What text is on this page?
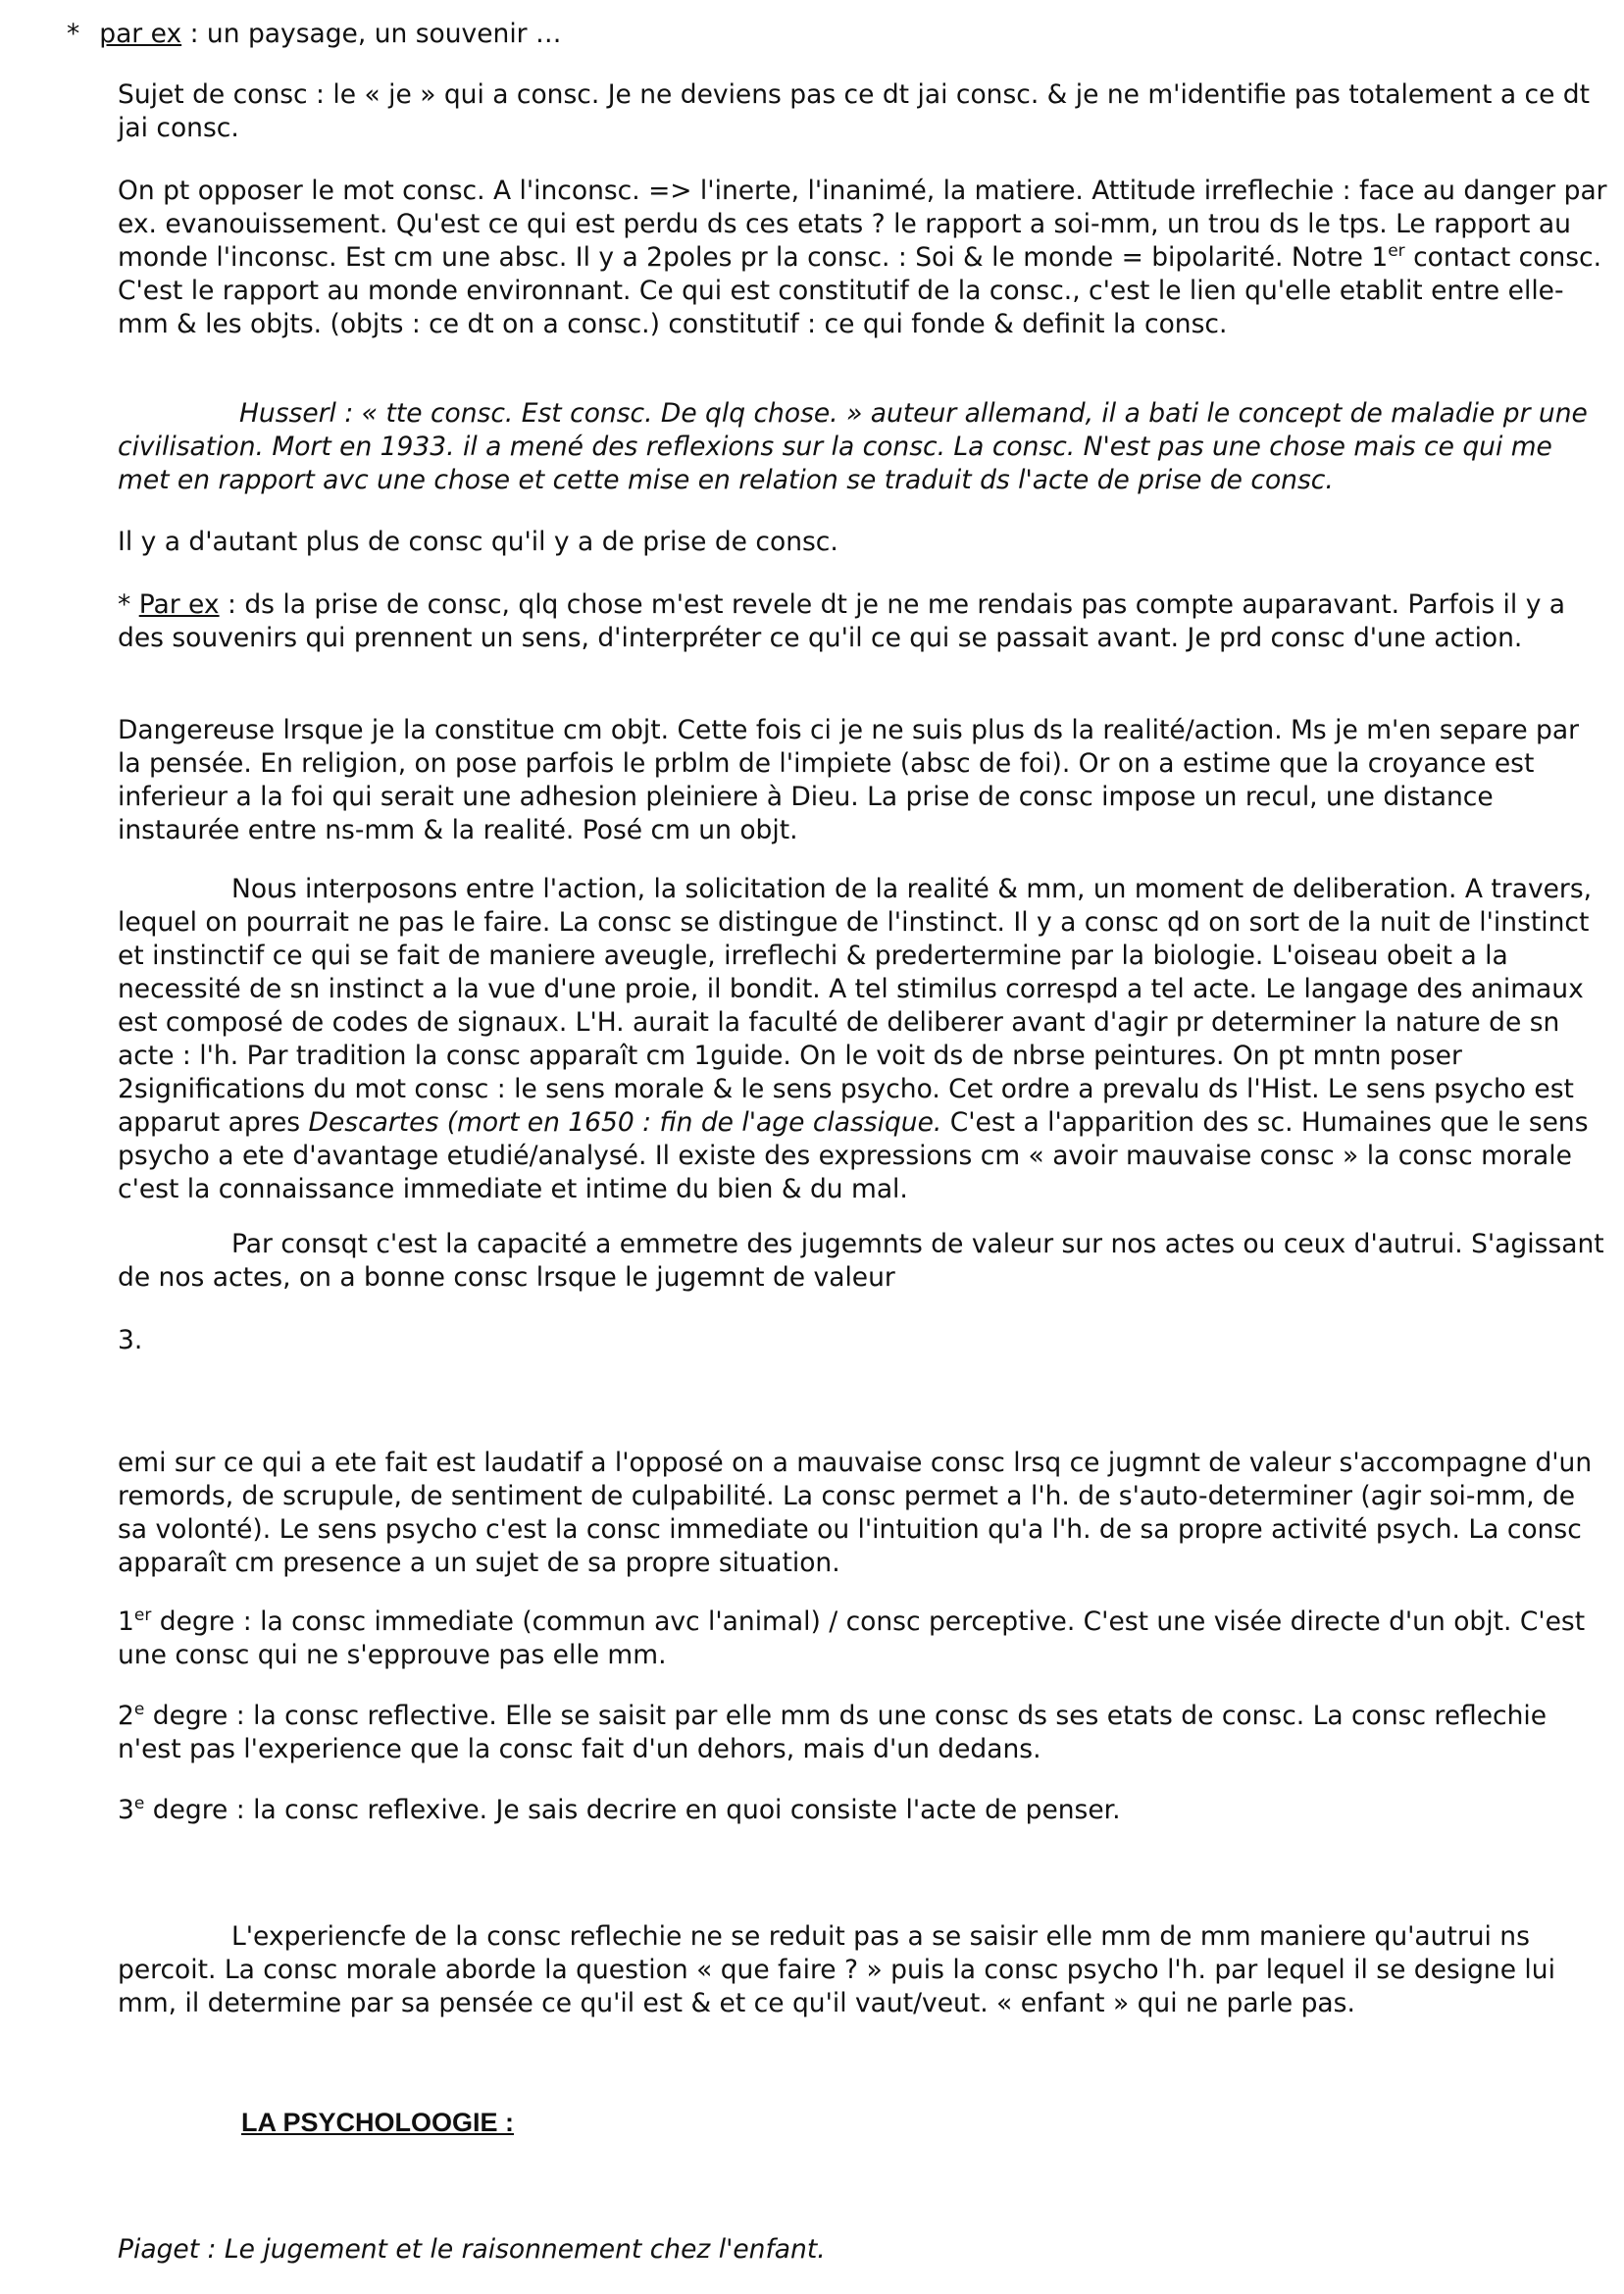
* par ex : un paysage, un souvenir …

Sujet de consc : le « je » qui a consc. Je ne deviens pas ce dt jai consc. & je ne m'identifie pas totalement a ce dt jai consc.

On pt opposer le mot consc. A l'inconsc. => l'inerte, l'inanimé, la matiere. Attitude irreflechie : face au danger par ex. evanouissement. Qu'est ce qui est perdu ds ces etats ? le rapport a soi-mm, un trou ds le tps. Le rapport au monde l'inconsc. Est cm une absc. Il y a 2poles pr la consc. : Soi & le monde = bipolarité. Notre 1er contact consc. C'est le rapport au monde environnant. Ce qui est constitutif de la consc., c'est le lien qu'elle etablit entre elle-mm & les objts. (objts : ce dt on a consc.) constitutif : ce qui fonde & definit la consc.

Husserl : « tte consc. Est consc. De qlq chose. » auteur allemand, il a bati le concept de maladie pr une civilisation. Mort en 1933. il a mené des reflexions sur la consc. La consc. N'est pas une chose mais ce qui me met en rapport avc une chose et cette mise en relation se traduit ds l'acte de prise de consc.

Il y a d'autant plus de consc qu'il y a de prise de consc.

* Par ex : ds la prise de consc, qlq chose m'est revele dt je ne me rendais pas compte auparavant. Parfois il y a des souvenirs qui prennent un sens, d'interpréter ce qu'il ce qui se passait avant. Je prd consc d'une action.

Dangereuse lrsque je la constitue cm objt. Cette fois ci je ne suis plus ds la realité/action. Ms je m'en separe par la pensée. En religion, on pose parfois le prblm de l'impiete (absc de foi). Or on a estime que la croyance est inferieur a la foi qui serait une adhesion pleiniere à Dieu. La prise de consc impose un recul, une distance instaurée entre ns-mm & la realité. Posé cm un objt.

Nous interposons entre l'action, la solicitation de la realité & mm, un moment de deliberation. A travers, lequel on pourrait ne pas le faire. La consc se distingue de l'instinct. Il y a consc qd on sort de la nuit de l'instinct et instinctif ce qui se fait de maniere aveugle, irreflechi & predertermine par la biologie. L'oiseau obeit a la necessité de sn instinct a la vue d'une proie, il bondit. A tel stimilus correspd a tel acte. Le langage des animaux est composé de codes de signaux. L'H. aurait la faculté de deliberer avant d'agir pr determiner la nature de sn acte : l'h. Par tradition la consc apparaît cm 1guide. On le voit ds de nbrse peintures. On pt mntn poser 2significations du mot consc : le sens morale & le sens psycho. Cet ordre a prevalu ds l'Hist. Le sens psycho est apparut apres Descartes (mort en 1650 : fin de l'age classique. C'est a l'apparition des sc. Humaines que le sens psycho a ete d'avantage etudié/analysé. Il existe des expressions cm « avoir mauvaise consc » la consc morale c'est la connaissance immediate et intime du bien & du mal.

Par consqt c'est la capacité a emmetre des jugemnts de valeur sur nos actes ou ceux d'autrui. S'agissant de nos actes, on a bonne consc lrsque le jugemnt de valeur

3.

emi sur ce qui a ete fait est laudatif a l'opposé on a mauvaise consc lrsq ce jugmnt de valeur s'accompagne d'un remords, de scrupule, de sentiment de culpabilité. La consc permet a l'h. de s'auto-determiner (agir soi-mm, de sa volonté). Le sens psycho c'est la consc immediate ou l'intuition qu'a l'h. de sa propre activité psych. La consc apparaît cm presence a un sujet de sa propre situation.

1er degre : la consc immediate (commun avc l'animal) / consc perceptive. C'est une visée directe d'un objt. C'est une consc qui ne s'epprouve pas elle mm.

2e degre : la consc reflective. Elle se saisit par elle mm ds une consc ds ses etats de consc. La consc reflechie n'est pas l'experience que la consc fait d'un dehors, mais d'un dedans.

3e degre : la consc reflexive. Je sais decrire en quoi consiste l'acte de penser.

L'experiencfe de la consc reflechie ne se reduit pas a se saisir elle mm de mm maniere qu'autrui ns percoit. La consc morale aborde la question « que faire ? » puis la consc psycho l'h. par lequel il se designe lui mm, il determine par sa pensée ce qu'il est & et ce qu'il vaut/veut. « enfant » qui ne parle pas.

LA PSYCHOLOOGIE :

Piaget : Le jugement et le raisonnement chez l'enfant.
